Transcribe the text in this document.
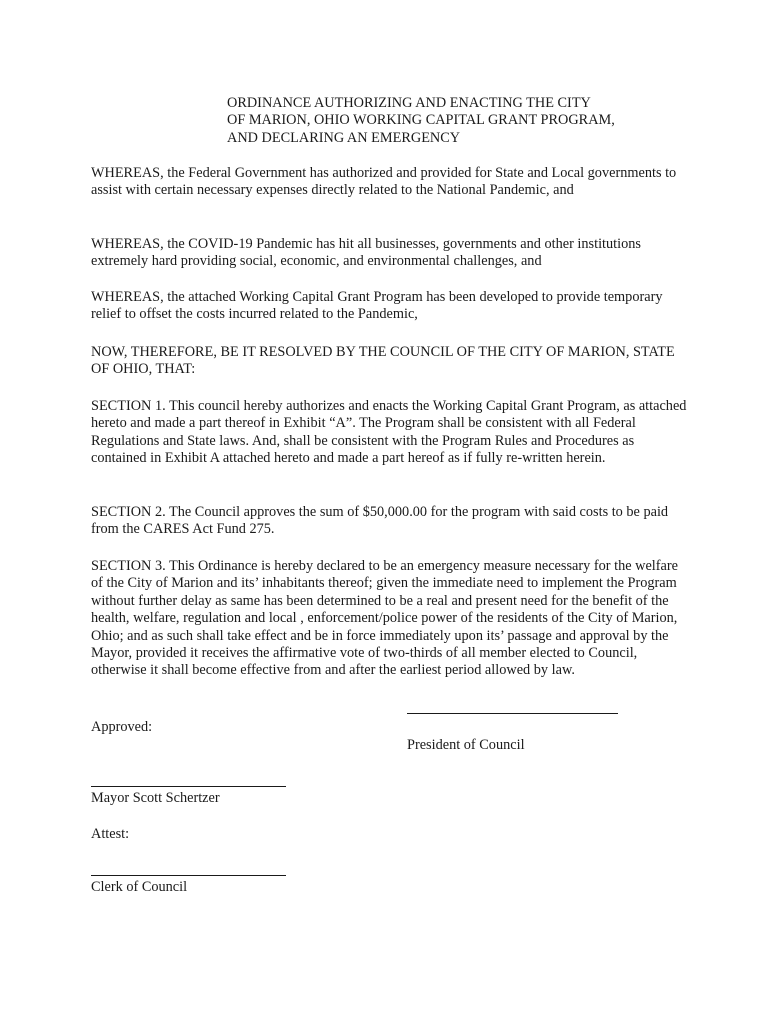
ORDINANCE AUTHORIZING AND ENACTING THE CITY
OF MARION, OHIO WORKING CAPITAL GRANT PROGRAM,
AND DECLARING AN EMERGENCY

WHEREAS, the Federal Government has authorized and provided for State and Local governments to assist with certain necessary expenses directly related to the National Pandemic, and

WHEREAS, the COVID-19 Pandemic has hit all businesses, governments and other institutions extremely hard providing social, economic, and environmental challenges, and

WHEREAS, the attached Working Capital Grant Program has been developed to provide temporary relief to offset the costs incurred related to the Pandemic,

NOW, THEREFORE, BE IT RESOLVED BY THE COUNCIL OF THE CITY OF MARION, STATE OF OHIO, THAT:

SECTION 1. This council hereby authorizes and enacts the Working Capital Grant Program, as attached hereto and made a part thereof in Exhibit “A”. The Program shall be consistent with all Federal Regulations and State laws. And, shall be consistent with the Program Rules and Procedures as contained in Exhibit A attached hereto and made a part hereof as if fully re-written herein.

SECTION 2. The Council approves the sum of $50,000.00 for the program with said costs to be paid from the CARES Act Fund 275.

SECTION 3. This Ordinance is hereby declared to be an emergency measure necessary for the welfare of the City of Marion and its’ inhabitants thereof; given the immediate need to implement the Program without further delay as same has been determined to be a real and present need for the benefit of the health, welfare, regulation and local , enforcement/police power of the residents of the City of Marion, Ohio; and as such shall take effect and be in force immediately upon its’ passage and approval by the Mayor, provided it receives the affirmative vote of two-thirds of all member elected to Council, otherwise it shall become effective from and after the earliest period allowed by law.

Approved:
President of Council
Mayor Scott Schertzer
Attest:
Clerk of Council
